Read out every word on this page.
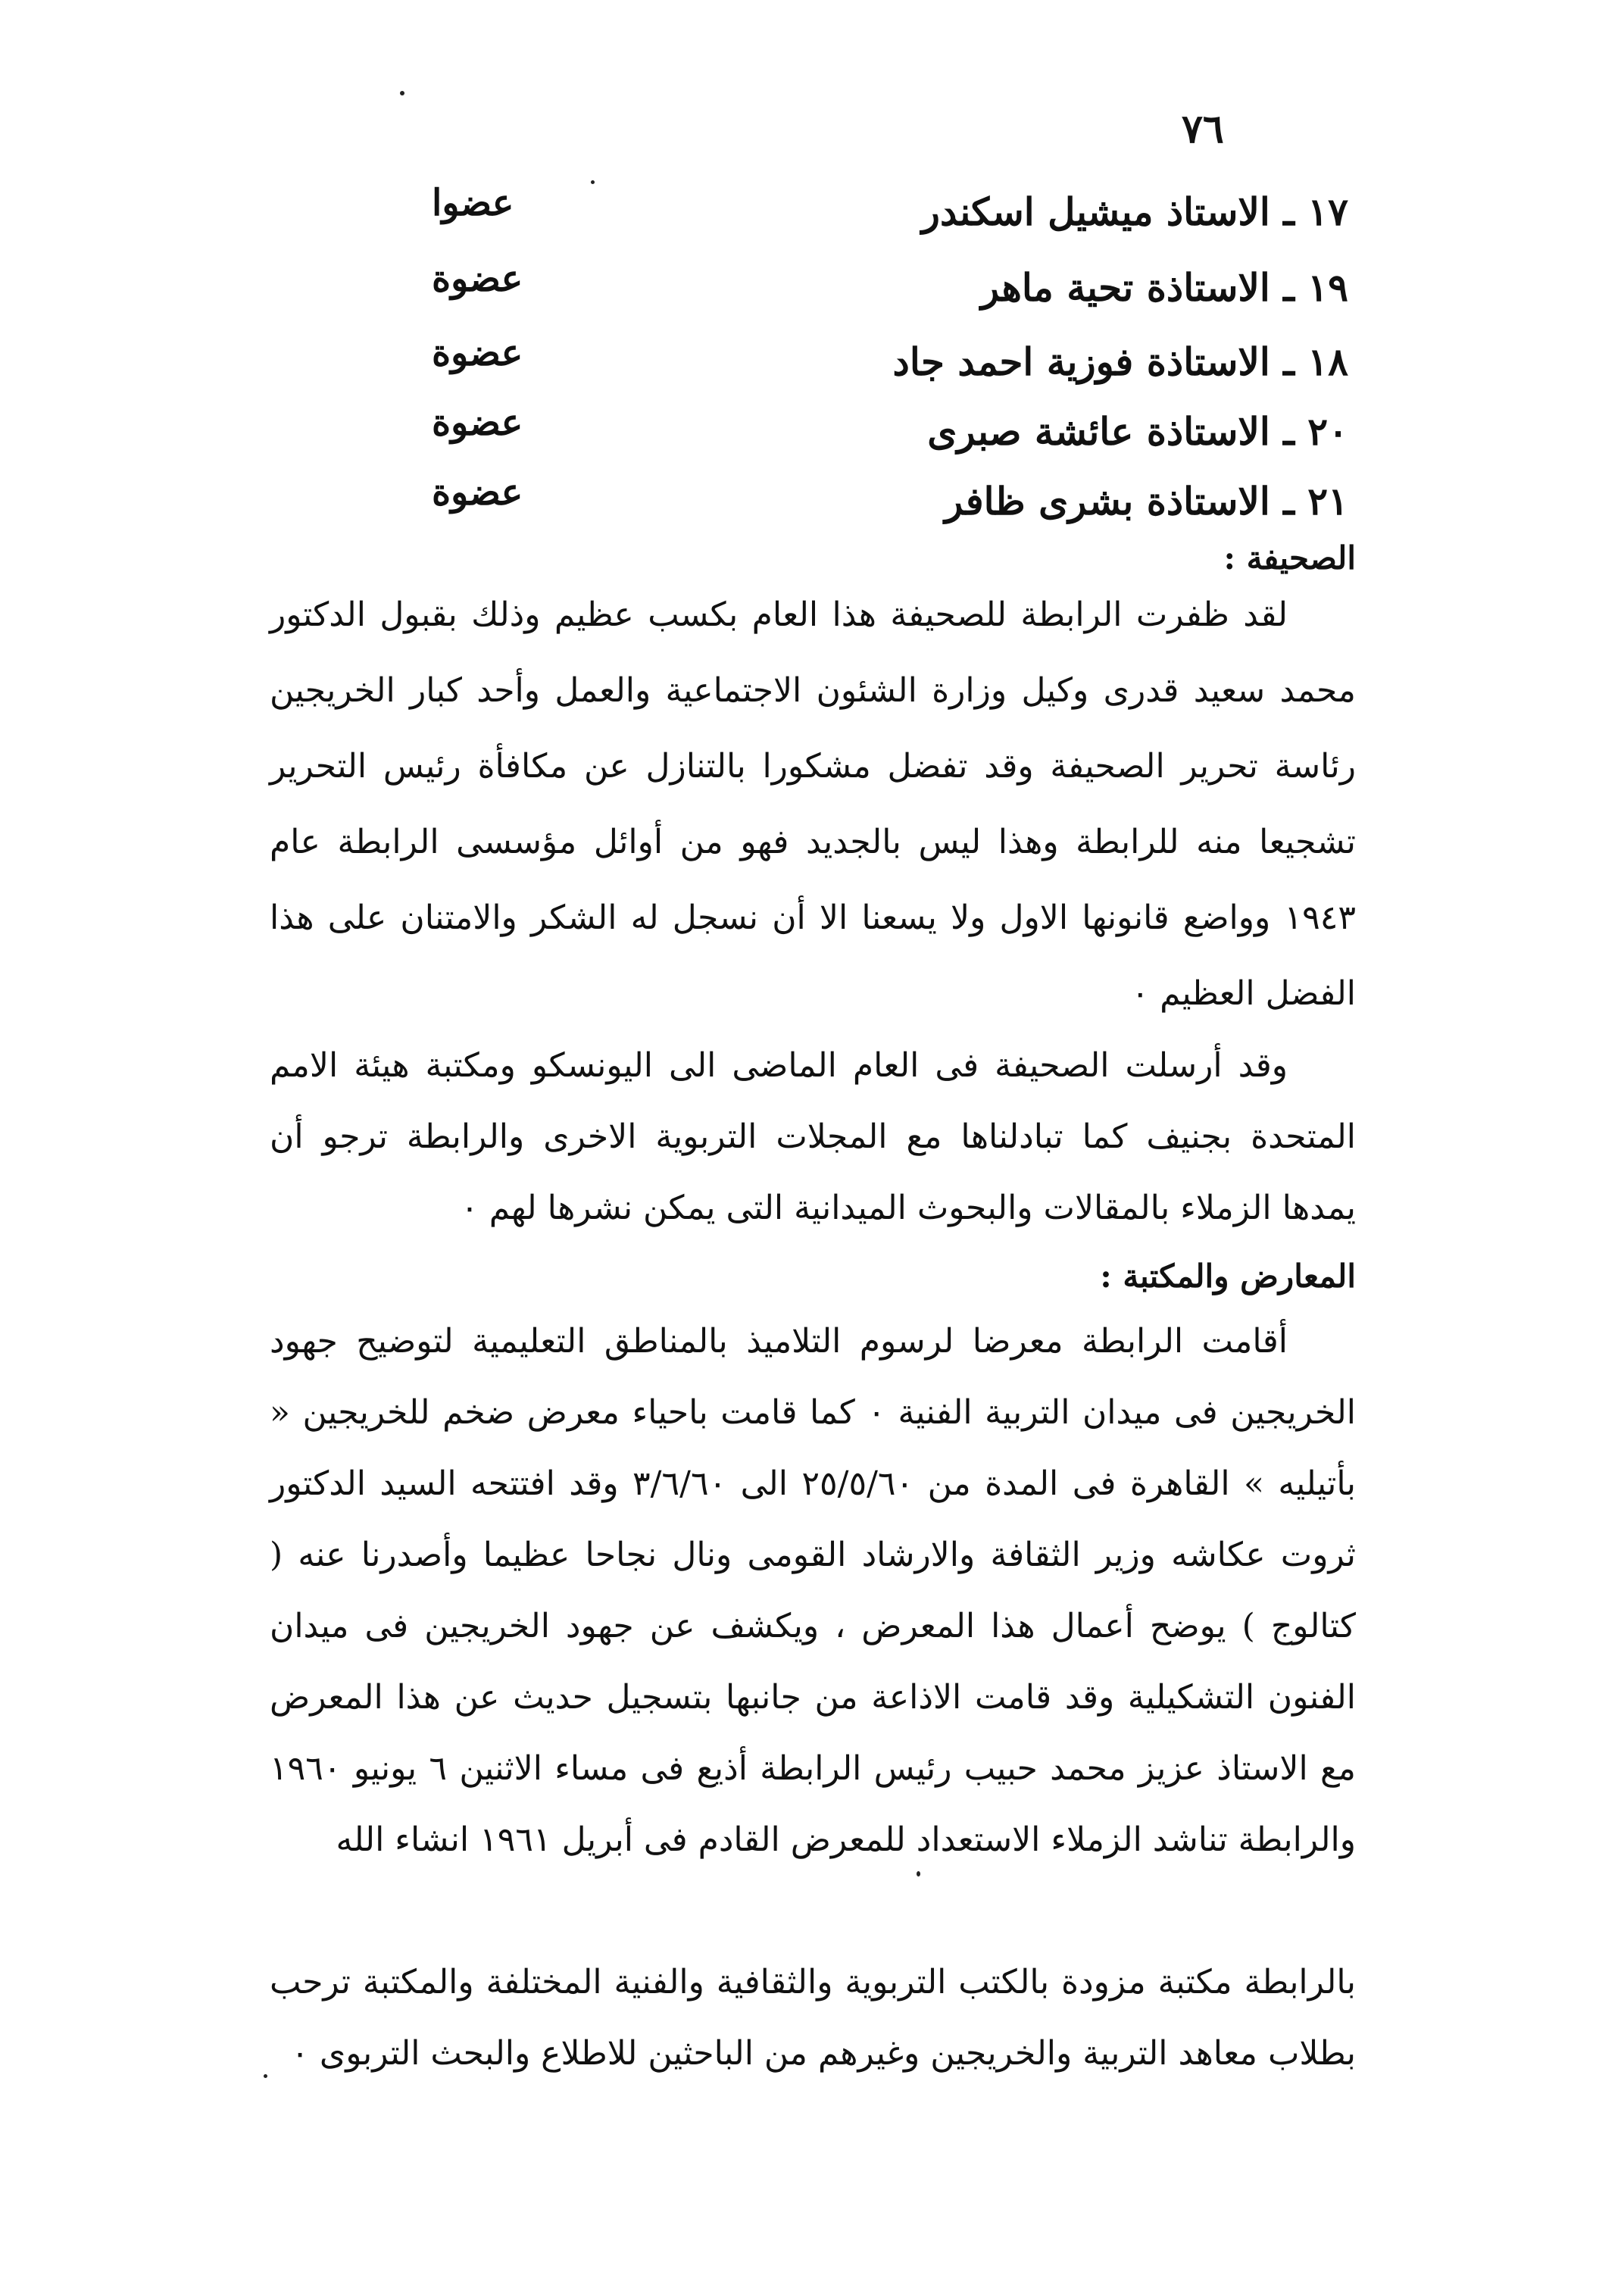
٧٦
١٧ ـ الاستاذ ميشيل اسكندر
عضوا
١٩ ـ الاستاذة تحية ماهر
عضوة
١٨ ـ الاستاذة فوزية احمد جاد
عضوة
٢٠ ـ الاستاذة عائشة صبرى
عضوة
٢١ ـ الاستاذة بشرى ظافر
عضوة
الصحيفة :

لقد ظفرت الرابطة للصحيفة هذا العام بكسب عظيم وذلك بقبول الدكتور محمد سعيد قدرى وكيل وزارة الشئون الاجتماعية والعمل وأحد كبار الخريجين رئاسة تحرير الصحيفة وقد تفضل مشكورا بالتنازل عن مكافأة رئيس التحرير تشجيعا منه للرابطة وهذا ليس بالجديد فهو من أوائل مؤسسى الرابطة عام ١٩٤٣ وواضع قانونها الاول ولا يسعنا الا أن نسجل له الشكر والامتنان على هذا الفضل العظيم ٠

وقد أرسلت الصحيفة فى العام الماضى الى اليونسكو ومكتبة هيئة الامم المتحدة بجنيف كما تبادلناها مع المجلات التربوية الاخرى والرابطة ترجو أن يمدها الزملاء بالمقالات والبحوث الميدانية التى يمكن نشرها لهم ٠

المعارض والمكتبة :

أقامت الرابطة معرضا لرسوم التلاميذ بالمناطق التعليمية لتوضيح جهود الخريجين فى ميدان التربية الفنية ٠ كما قامت باحياء معرض ضخم للخريجين « بأتيليه » القاهرة فى المدة من ٢٥/٥/٦٠ الى ٣/٦/٦٠ وقد افتتحه السيد الدكتور ثروت عكاشه وزير الثقافة والارشاد القومى ونال نجاحا عظيما وأصدرنا عنه ( كتالوج ) يوضح أعمال هذا المعرض ، ويكشف عن جهود الخريجين فى ميدان الفنون التشكيلية وقد قامت الاذاعة من جانبها بتسجيل حديث عن هذا المعرض مع الاستاذ عزيز محمد حبيب رئيس الرابطة أذيع فى مساء الاثنين ٦ يونيو ١٩٦٠ والرابطة تناشد الزملاء الاستعداد للمعرض القادم فى أبريل ١٩٦١ انشاء الله

بالرابطة مكتبة مزودة بالكتب التربوية والثقافية والفنية المختلفة والمكتبة ترحب بطلاب معاهد التربية والخريجين وغيرهم من الباحثين للاطلاع والبحث التربوى ٠
